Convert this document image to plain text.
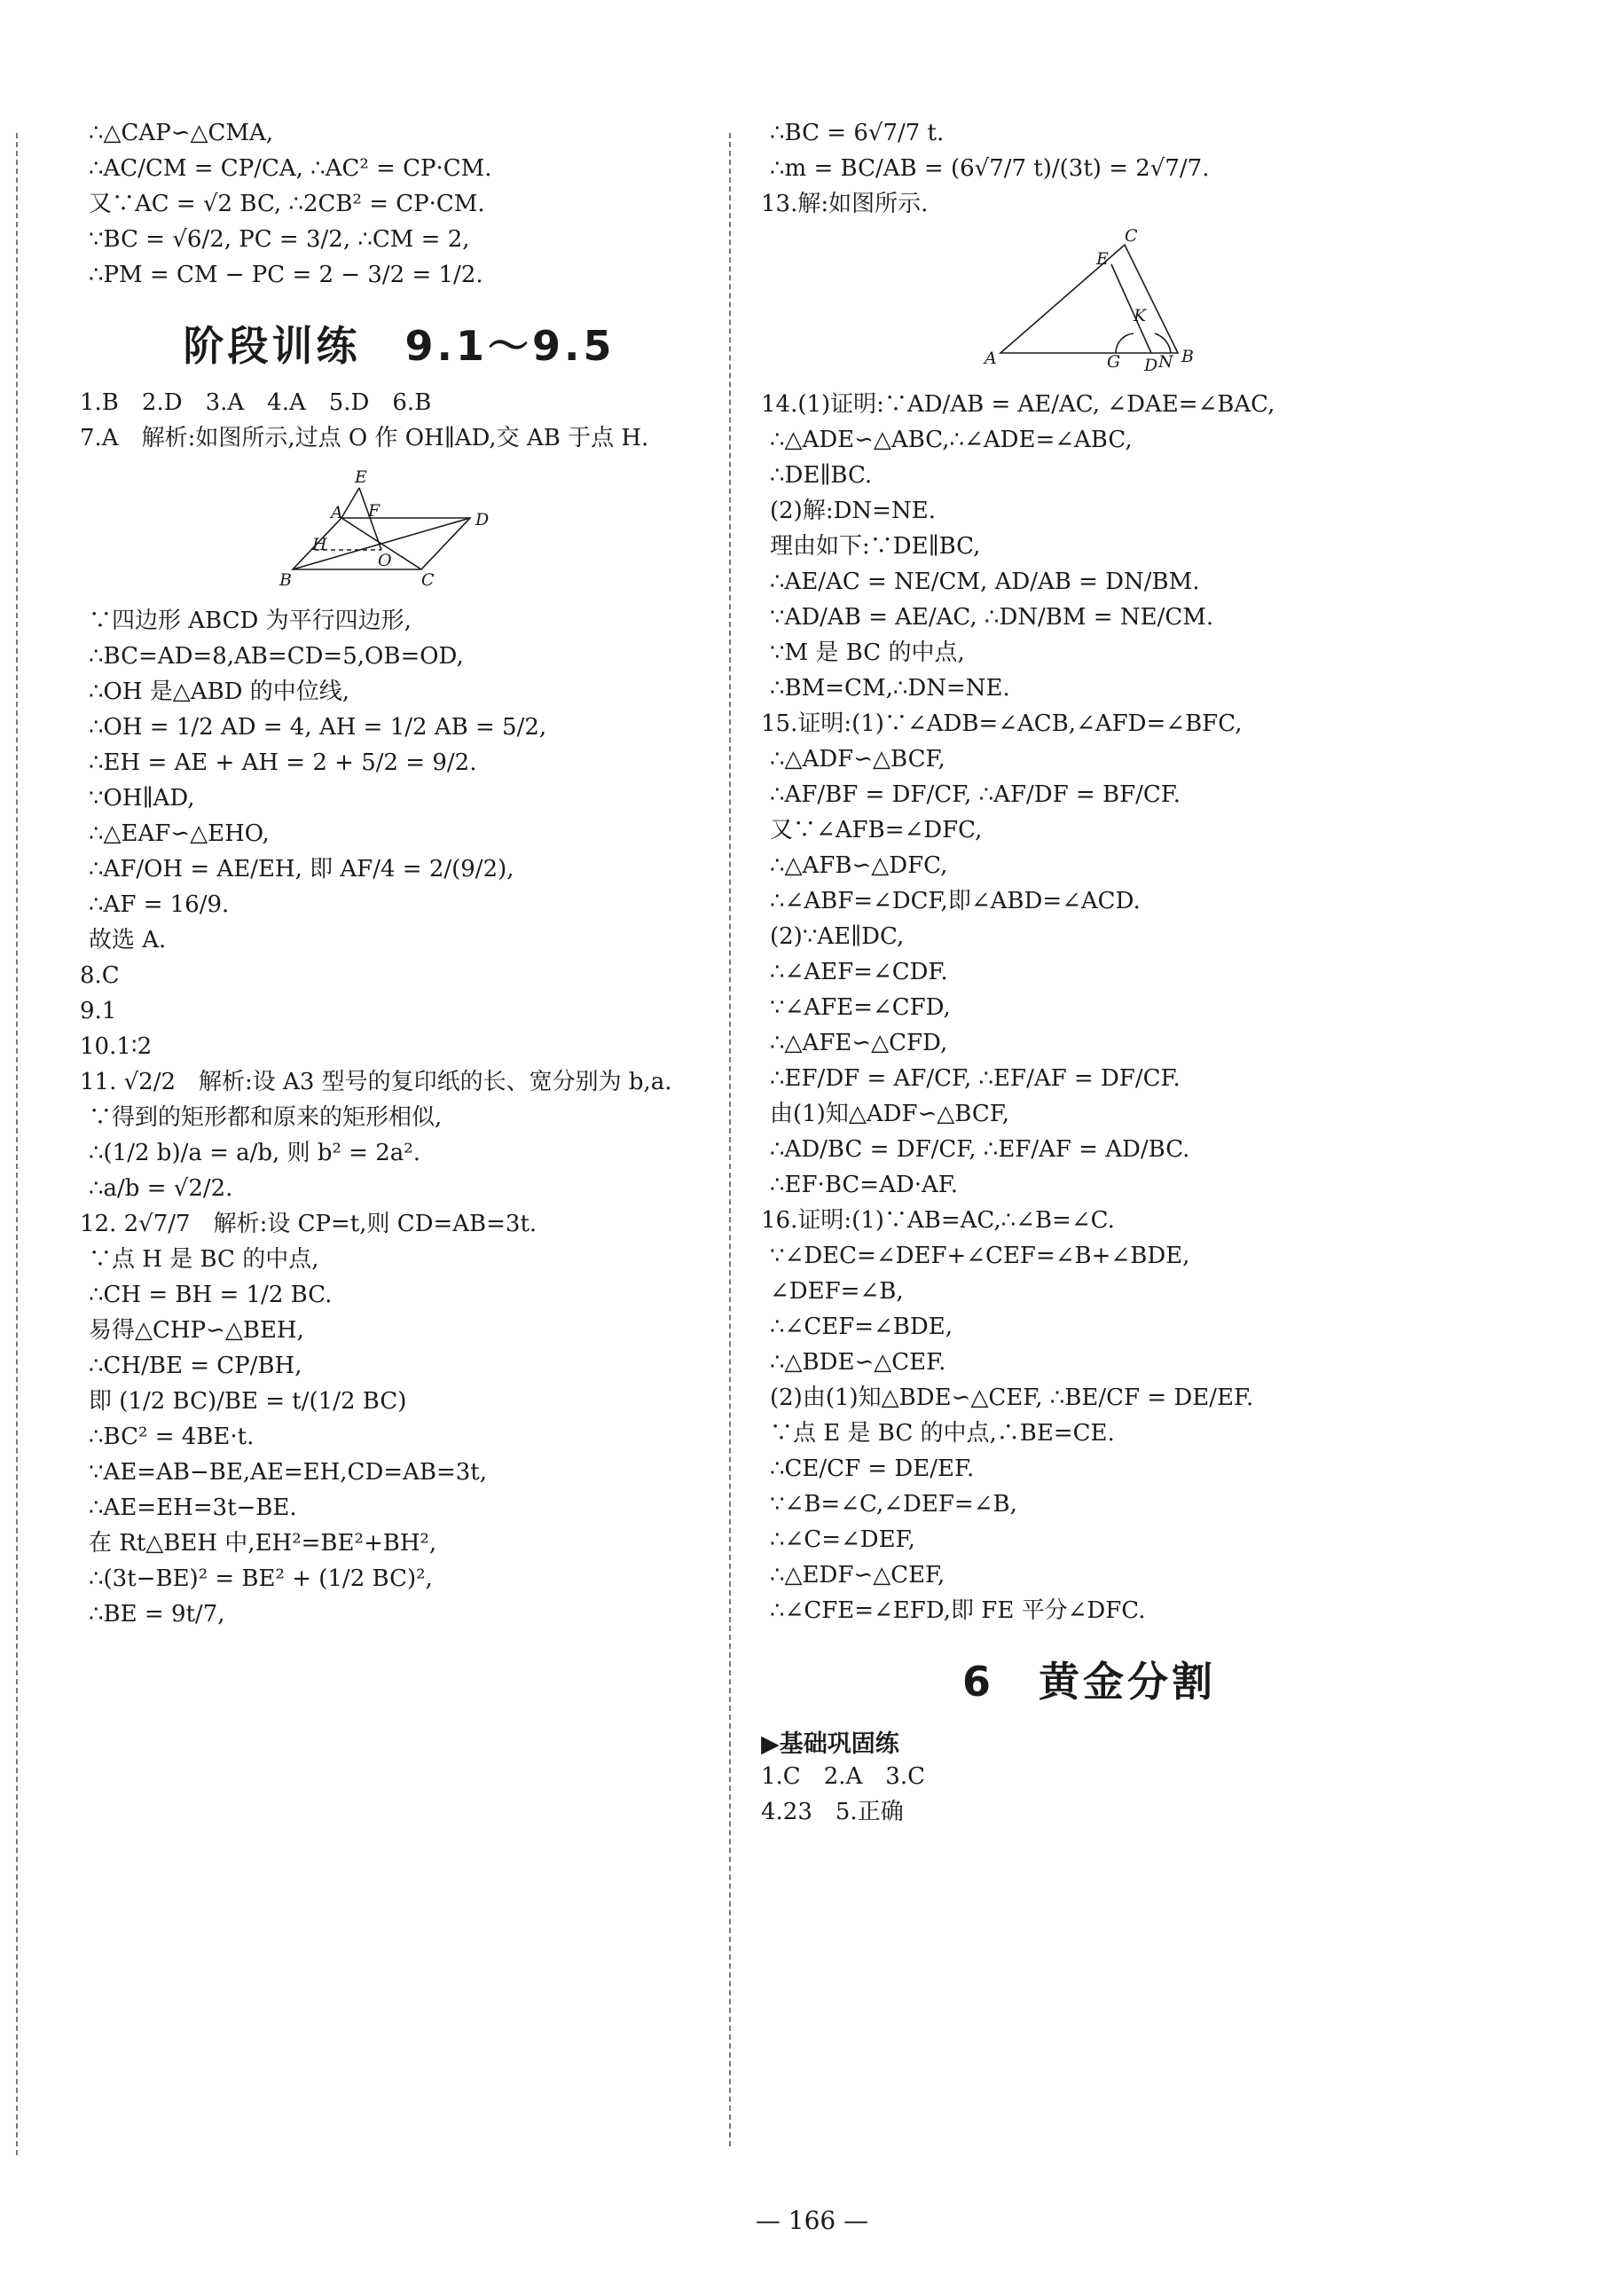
∴△CAP∽△CMA,
∴AC/CM = CP/CA, ∴AC² = CP·CM.
又∵AC = √2 BC, ∴2CB² = CP·CM.
∵BC = √6/2, PC = 3/2, ∴CM = 2,
∴PM = CM − PC = 2 − 3/2 = 1/2.
阶段训练　9.1～9.5
1.B　2.D　3.A　4.A　5.D　6.B
7.A　解析:如图所示,过点 O 作 OH∥AD,交 AB 于点 H.
E
A F	D
H
O
B	C
∵四边形 ABCD 为平行四边形,
∴BC=AD=8,AB=CD=5,OB=OD,
∴OH 是△ABD 的中位线,
∴OH = 1/2 AD = 4, AH = 1/2 AB = 5/2,
∴EH = AE + AH = 2 + 5/2 = 9/2.
∵OH∥AD,
∴△EAF∽△EHO,
∴AF/OH = AE/EH, 即 AF/4 = 2/(9/2),
∴AF = 16/9.
故选 A.
8.C
9.1
10.1∶2
11. √2/2　解析:设 A3 型号的复印纸的长、宽分别为 b,a.
∵得到的矩形都和原来的矩形相似,
∴(1/2 b)/a = a/b, 则 b² = 2a².
∴a/b = √2/2.
12. 2√7/7　解析:设 CP=t,则 CD=AB=3t.
∵点 H 是 BC 的中点,
∴CH = BH = 1/2 BC.
易得△CHP∽△BEH,
∴CH/BE = CP/BH,
即 (1/2 BC)/BE = t/(1/2 BC)
∴BC² = 4BE·t.
∵AE=AB−BE,AE=EH,CD=AB=3t,
∴AE=EH=3t−BE.
在 Rt△BEH 中,EH²=BE²+BH²,
∴(3t−BE)² = BE² + (1/2 BC)²,
∴BE = 9t/7,
∴BC = 6√7/7 t.
∴m = BC/AB = (6√7/7 t)/(3t) = 2√7/7.
13.解:如图所示.
A	B
C
E
K
G D N
14.(1)证明:∵AD/AB = AE/AC, ∠DAE=∠BAC,
∴△ADE∽△ABC,∴∠ADE=∠ABC,
∴DE∥BC.
(2)解:DN=NE.
理由如下:∵DE∥BC,
∴AE/AC = NE/CM, AD/AB = DN/BM.
∵AD/AB = AE/AC, ∴DN/BM = NE/CM.
∵M 是 BC 的中点,
∴BM=CM,∴DN=NE.
15.证明:(1)∵∠ADB=∠ACB,∠AFD=∠BFC,
∴△ADF∽△BCF,
∴AF/BF = DF/CF, ∴AF/DF = BF/CF.
又∵∠AFB=∠DFC,
∴△AFB∽△DFC,
∴∠ABF=∠DCF,即∠ABD=∠ACD.
(2)∵AE∥DC,
∴∠AEF=∠CDF.
∵∠AFE=∠CFD,
∴△AFE∽△CFD,
∴EF/DF = AF/CF, ∴EF/AF = DF/CF.
由(1)知△ADF∽△BCF,
∴AD/BC = DF/CF, ∴EF/AF = AD/BC.
∴EF·BC=AD·AF.
16.证明:(1)∵AB=AC,∴∠B=∠C.
∵∠DEC=∠DEF+∠CEF=∠B+∠BDE,
∠DEF=∠B,
∴∠CEF=∠BDE,
∴△BDE∽△CEF.
(2)由(1)知△BDE∽△CEF, ∴BE/CF = DE/EF.
∵点 E 是 BC 的中点,∴BE=CE.
∴CE/CF = DE/EF.
∵∠B=∠C,∠DEF=∠B,
∴∠C=∠DEF,
∴△EDF∽△CEF,
∴∠CFE=∠EFD,即 FE 平分∠DFC.
6　黄金分割
▶基础巩固练
1.C　2.A　3.C
4.23　5.正确
— 166 —
